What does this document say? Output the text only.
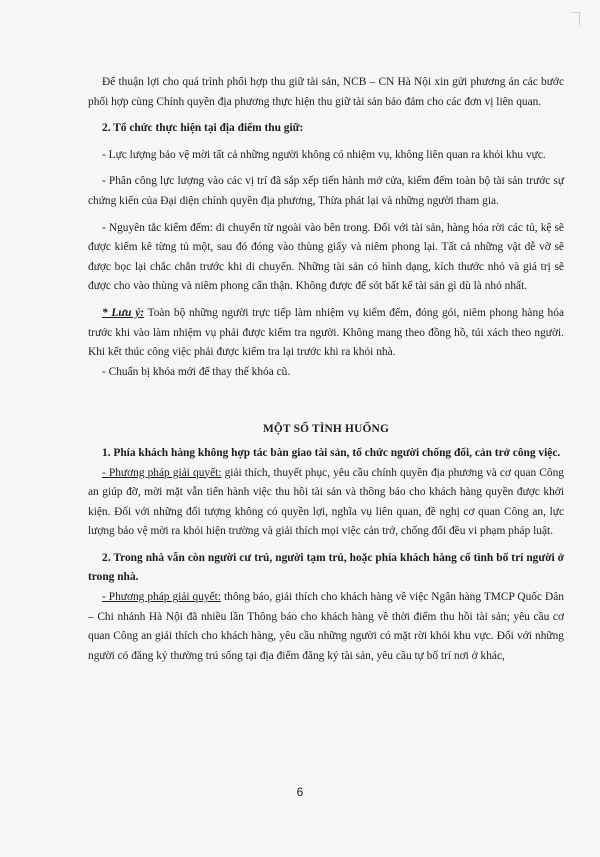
Để thuận lợi cho quá trình phối hợp thu giữ tài sản, NCB – CN Hà Nội xin gửi phương án các bước phối hợp cùng Chính quyền địa phương thực hiện thu giữ tài sản bảo đảm cho các đơn vị liên quan.

2. Tổ chức thực hiện tại địa điểm thu giữ:

- Lực lượng bảo vệ mời tất cả những người không có nhiệm vụ, không liên quan ra khỏi khu vực.

- Phân công lực lượng vào các vị trí đã sắp xếp tiến hành mở cửa, kiểm đếm toàn bộ tài sản trước sự chứng kiến của Đại diện chính quyền địa phương, Thừa phát lại và những người tham gia.

- Nguyên tắc kiểm đếm: di chuyển từ ngoài vào bên trong. Đối với tài sản, hàng hóa rời các tủ, kệ sẽ được kiểm kê từng tủ một, sau đó đóng vào thùng giấy và niêm phong lại. Tất cả những vật dễ vỡ sẽ được bọc lại chắc chắn trước khi di chuyển. Những tài sản có hình dạng, kích thước nhỏ và giá trị sẽ được cho vào thùng và niêm phong cẩn thận. Không được để sót bất kể tài sản gì dù là nhỏ nhất.

* Lưu ý: Toàn bộ những người trực tiếp làm nhiệm vụ kiểm đếm, đóng gói, niêm phong hàng hóa trước khi vào làm nhiệm vụ phải được kiểm tra người. Không mang theo đồng hồ, túi xách theo người. Khi kết thúc công việc phải được kiểm tra lại trước khi ra khỏi nhà.

- Chuẩn bị khóa mới để thay thế khóa cũ.

MỘT SỐ TÌNH HUỐNG

1. Phía khách hàng không hợp tác bàn giao tài sản, tổ chức người chống đối, cản trở công việc.

- Phương pháp giải quyết: giải thích, thuyết phục, yêu cầu chính quyền địa phương và cơ quan Công an giúp đỡ, mời mặt vẫn tiến hành việc thu hồi tài sản và thông báo cho khách hàng quyền được khởi kiện. Đối với những đối tượng không có quyền lợi, nghĩa vụ liên quan, đề nghị cơ quan Công an, lực lượng bảo vệ mời ra khỏi hiện trường và giải thích mọi việc cản trở, chống đối đều vi phạm pháp luật.

2. Trong nhà vẫn còn người cư trú, người tạm trú, hoặc phía khách hàng cố tình bố trí người ở trong nhà.

- Phương pháp giải quyết: thông báo, giải thích cho khách hàng về việc Ngân hàng TMCP Quốc Dân – Chi nhánh Hà Nội đã nhiều lần Thông báo cho khách hàng về thời điểm thu hồi tài sản; yêu cầu cơ quan Công an giải thích cho khách hàng, yêu cầu những người có mặt rời khỏi khu vực. Đối với những người có đăng ký thường trú sống tại địa điểm đăng ký tài sản, yêu cầu tự bố trí nơi ở khác,

6
